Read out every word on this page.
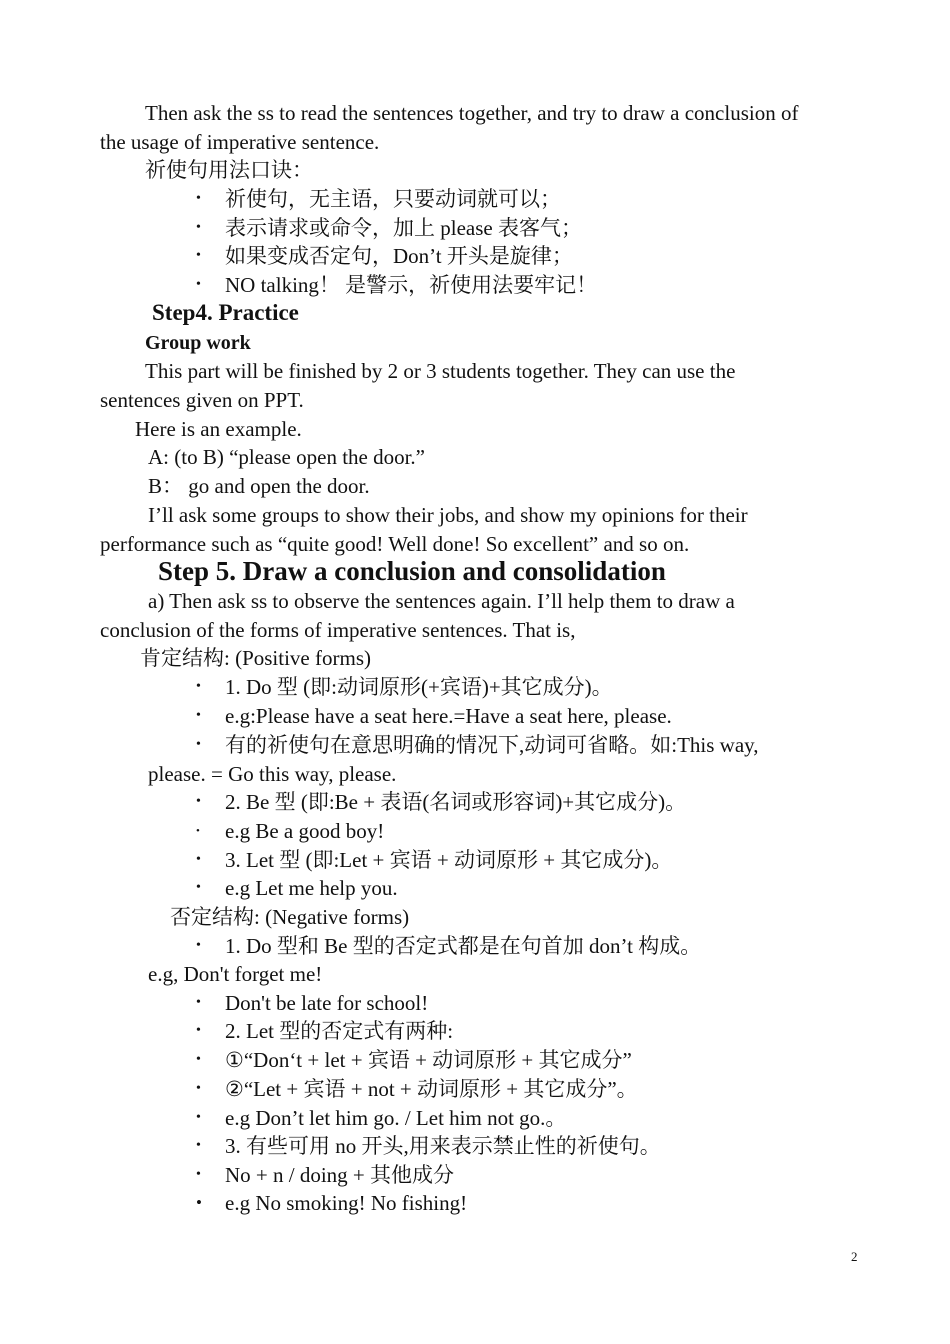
Then ask the ss to read the sentences together, and try to draw a conclusion of
the usage of imperative sentence.
祈使句用法口诀：
• 祈使句，无主语，只要动词就可以；
• 表示请求或命令，加上 please 表客气；
• 如果变成否定句，Don’t 开头是旋律；
• NO talking！ 是警示，祈使用法要牢记！
Step4. Practice
Group work
This part will be finished by 2 or 3 students together. They can use the
sentences given on PPT.
Here is an example.
A: (to B) “please open the door.”
B： go and open the door.
I’ll ask some groups to show their jobs, and show my opinions for their
performance such as “quite good! Well done! So excellent” and so on.
Step 5. Draw a conclusion and consolidation
a) Then ask ss to observe the sentences again. I’ll help them to draw a
conclusion of the forms of imperative sentences. That is,
肯定结构: (Positive forms)
• 1. Do 型 (即:动词原形(+宾语)+其它成分)。
• e.g:Please have a seat here.=Have a seat here, please.
• 有的祈使句在意思明确的情况下,动词可省略。如:This way,
please. = Go this way, please.
• 2. Be 型 (即:Be + 表语(名词或形容词)+其它成分)。
• e.g Be a good boy!
• 3. Let 型 (即:Let + 宾语 + 动词原形 + 其它成分)。
• e.g Let me help you.
否定结构: (Negative forms)
• 1. Do 型和 Be 型的否定式都是在句首加 don’t 构成。
e.g, Don't forget me!
• Don't be late for school!
• 2. Let 型的否定式有两种:
• ①“Don‘t + let + 宾语 + 动词原形 + 其它成分”
• ②“Let + 宾语 + not + 动词原形 + 其它成分”。
• e.g Don’t let him go. / Let him not go.。
• 3. 有些可用 no 开头,用来表示禁止性的祈使句。
• No + n / doing + 其他成分
• e.g No smoking! No fishing!
2
